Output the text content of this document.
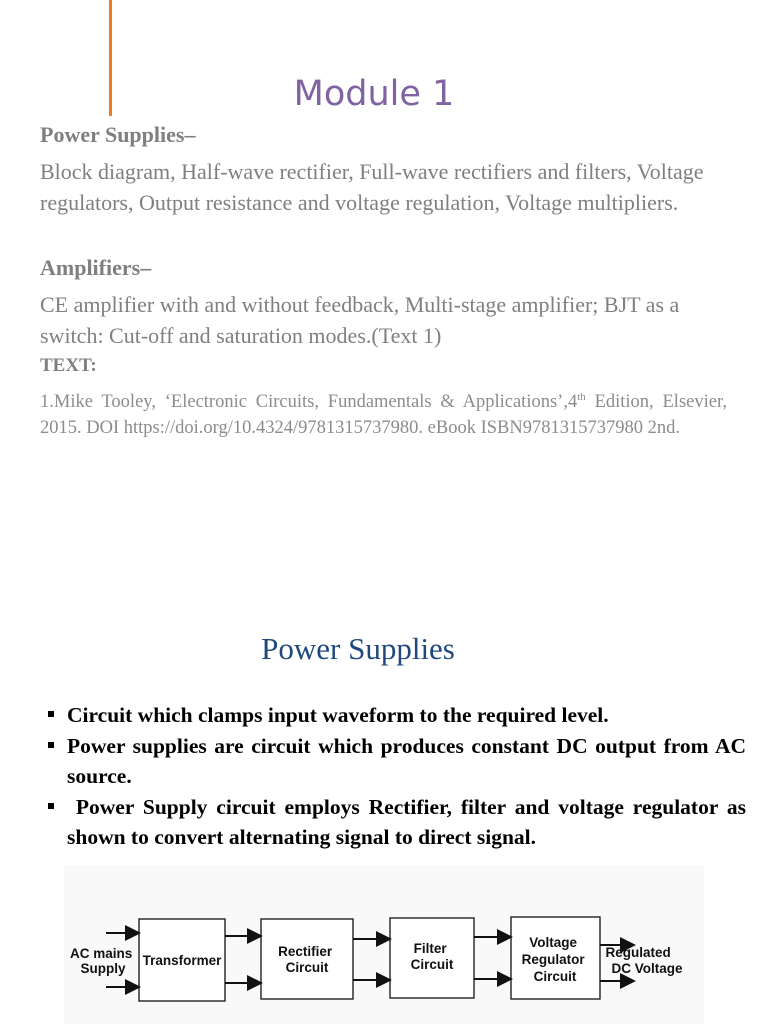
Module 1
Power Supplies–
Block diagram, Half-wave rectifier, Full-wave rectifiers and filters, Voltage regulators, Output resistance and voltage regulation, Voltage multipliers.
Amplifiers–
CE amplifier with and without feedback, Multi-stage amplifier; BJT as a switch: Cut-off and saturation modes.(Text 1)
TEXT:
1.Mike Tooley, ‘Electronic Circuits, Fundamentals & Applications’,4th Edition, Elsevier, 2015. DOI https://doi.org/10.4324/9781315737980. eBook ISBN9781315737980 2nd.
Power Supplies
Circuit which clamps input waveform to the required level.
Power supplies are circuit which produces constant DC output from AC source.
Power Supply circuit employs Rectifier, filter and voltage regulator as shown to convert alternating signal to direct signal.
AC mains Supply
Transformer
Rectifier Circuit
Filter Circuit
Voltage Regulator Circuit
Regulated DC Voltage
